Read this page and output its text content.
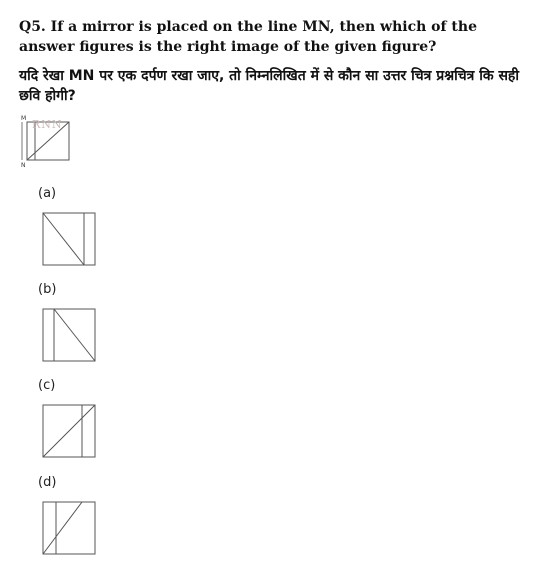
Q5. If a mirror is placed on the line MN, then which of the answer figures is the right image of the given figure?
यदि रेखा MN पर एक दर्पण रखा जाए, तो निम्नलिखित में से कौन सा उत्तर चित्र प्रश्नचित्र कि सही छवि होगी?
M
N
RNN
(a)
(b)
(c)
(d)
